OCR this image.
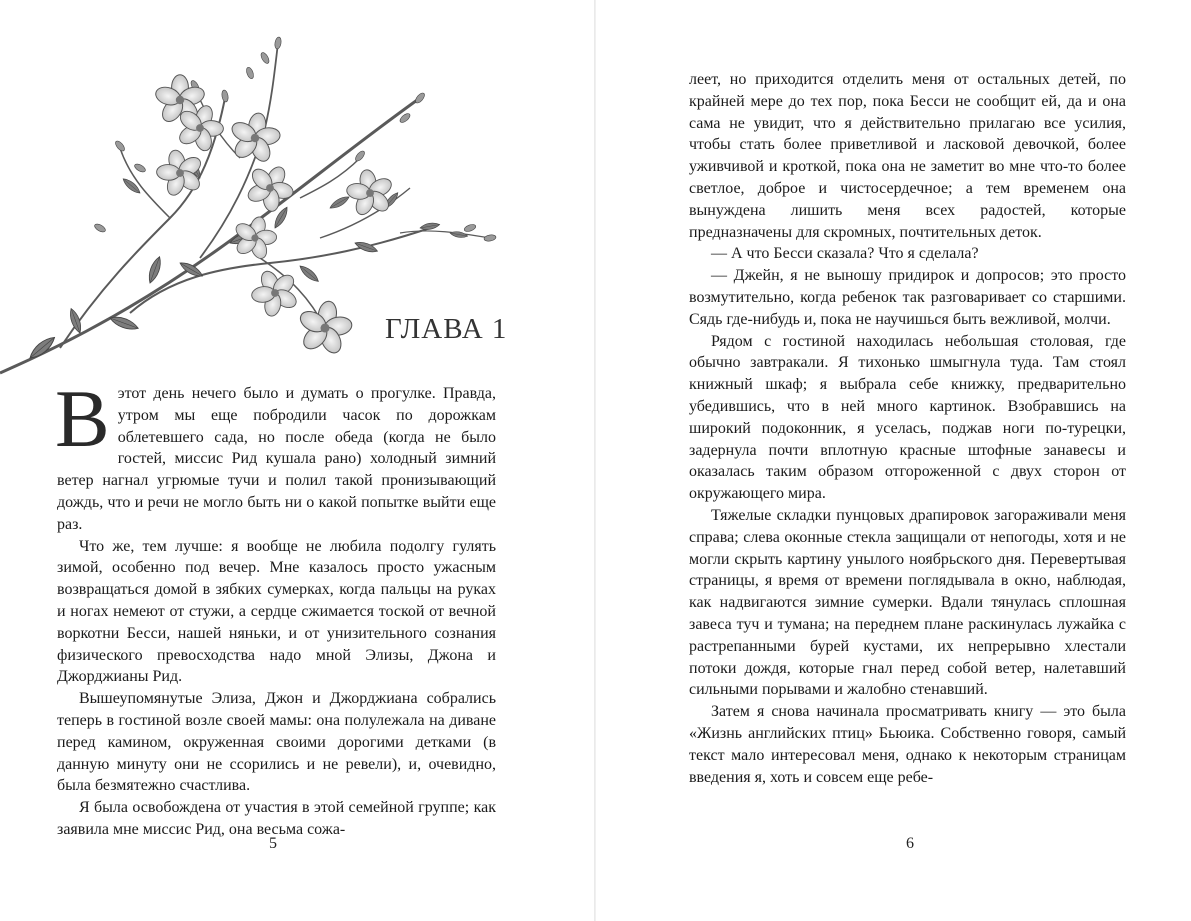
ГЛАВА 1

Вэтот день нечего было и думать о прогулке. Правда, утром мы еще побродили часок по дорожкам облетевшего сада, но после обеда (когда не было гостей, миссис Рид кушала рано) холодный зимний ветер нагнал угрюмые тучи и полил такой пронизывающий дождь, что и речи не могло быть ни о какой попытке выйти еще раз.

Что же, тем лучше: я вообще не любила подолгу гулять зимой, особенно под вечер. Мне казалось просто ужасным возвращаться домой в зябких сумерках, когда пальцы на руках и ногах немеют от стужи, а сердце сжимается тоской от вечной воркотни Бесси, нашей няньки, и от унизительного сознания физического превосходства надо мной Элизы, Джона и Джорджианы Рид.

Вышеупомянутые Элиза, Джон и Джорджиана собрались теперь в гостиной возле своей мамы: она полулежала на диване перед камином, окруженная своими дорогими детками (в данную минуту они не ссорились и не ревели), и, очевидно, была безмятежно счастлива.

Я была освобождена от участия в этой семейной группе; как заявила мне миссис Рид, она весьма сожа-

5

леет, но приходится отделить меня от остальных детей, по крайней мере до тех пор, пока Бесси не сообщит ей, да и она сама не увидит, что я действительно прилагаю все усилия, чтобы стать более приветливой и ласковой девочкой, более уживчивой и кроткой, пока она не заметит во мне что-то более светлое, доброе и чистосердечное; а тем временем она вынуждена лишить меня всех радостей, которые предназначены для скромных, почтительных деток.

— А что Бесси сказала? Что я сделала?

— Джейн, я не выношу придирок и допросов; это просто возмутительно, когда ребенок так разговаривает со старшими. Сядь где-нибудь и, пока не научишься быть вежливой, молчи.

Рядом с гостиной находилась небольшая столовая, где обычно завтракали. Я тихонько шмыгнула туда. Там стоял книжный шкаф; я выбрала себе книжку, предварительно убедившись, что в ней много картинок. Взобравшись на широкий подоконник, я уселась, поджав ноги по-турецки, задернула почти вплотную красные штофные занавесы и оказалась таким образом отгороженной с двух сторон от окружающего мира.

Тяжелые складки пунцовых драпировок загораживали меня справа; слева оконные стекла защищали от непогоды, хотя и не могли скрыть картину унылого ноябрьского дня. Перевертывая страницы, я время от времени поглядывала в окно, наблюдая, как надвигаются зимние сумерки. Вдали тянулась сплошная завеса туч и тумана; на переднем плане раскинулась лужайка с растрепанными бурей кустами, их непрерывно хлестали потоки дождя, которые гнал перед собой ветер, налетавший сильными порывами и жалобно стенавший.

Затем я снова начинала просматривать книгу — это была «Жизнь английских птиц» Бьюика. Собственно говоря, самый текст мало интересовал меня, однако к некоторым страницам введения я, хоть и совсем еще ребе-

6
